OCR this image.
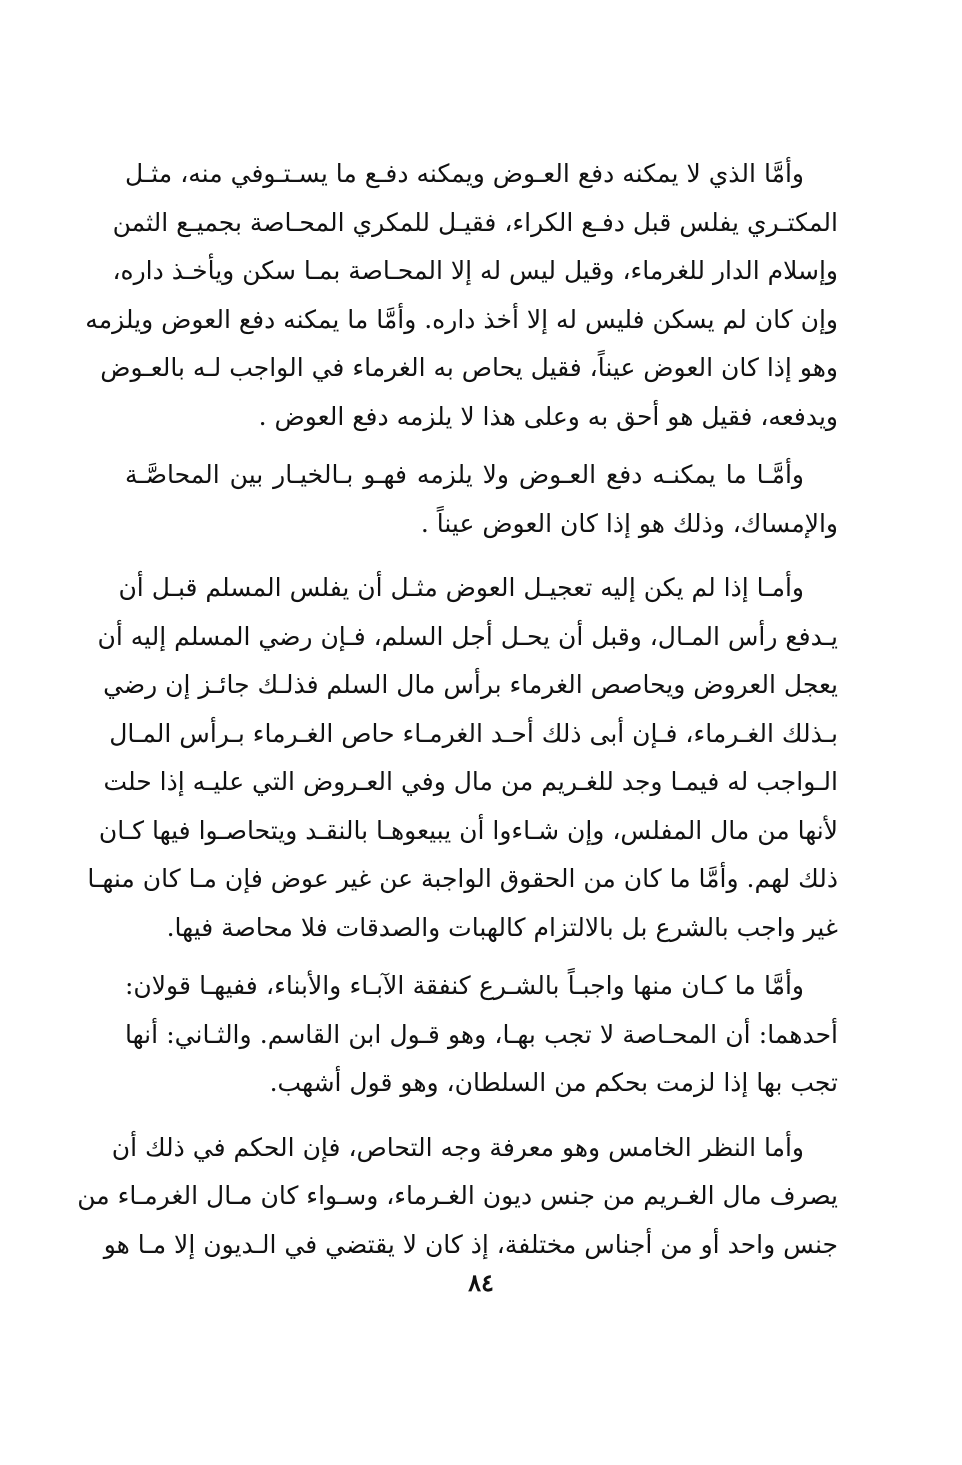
وأمَّا الذي لا يمكنه دفع العـوض ويمكنه دفـع ما يسـتـوفي منه، مثـل
المكتـري يفلس قبل دفـع الكراء، فقيـل للمكري المحـاصة بجميـع الثمن
وإسلام الدار للغرماء، وقيل ليس له إلا المحـاصة بمـا سكن ويأخـذ داره،
وإن كان لم يسكن فليس له إلا أخذ داره. وأمَّا ما يمكنه دفع العوض ويلزمه
وهو إذا كان العوض عيناً، فقيل يحاص به الغرماء في الواجب لـه بالعـوض
ويدفعه، فقيل هو أحق به وعلى هذا لا يلزمه دفع العوض .

وأمَّـا ما يمكنـه دفع العـوض ولا يلزمه فهـو بـالخيـار بين المحاصَّـة
والإمساك، وذلك هو إذا كان العوض عيناً .

وأمـا إذا لم يكن إليه تعجيـل العوض مثـل أن يفلس المسلم قبـل أن
يـدفع رأس المـال، وقبل أن يحـل أجل السلم، فـإن رضي المسلم إليه أن
يعجل العروض ويحاصص الغرماء برأس مال السلم فذلـك جائـز إن رضي
بـذلك الغـرماء، فـإن أبى ذلك أحـد الغرمـاء حاص الغـرماء بـرأس المـال
الـواجب له فيمـا وجد للغـريم من مال وفي العـروض التي عليـه إذا حلت
لأنها من مال المفلس، وإن شـاءوا أن يبيعوهـا بالنقـد ويتحاصـوا فيها كـان
ذلك لهم. وأمَّا ما كان من الحقوق الواجبة عن غير عوض فإن مـا كان منهـا
غير واجب بالشرع بل بالالتزام كالهبات والصدقات فلا محاصة فيها.

وأمَّا ما كـان منها واجبـاً بالشـرع كنفقة الآبـاء والأبناء، ففيهـا قولان:
أحدهما: أن المحـاصة لا تجب بهـا، وهو قـول ابن القاسم. والثـاني: أنها
تجب بها إذا لزمت بحكم من السلطان، وهو قول أشهب.

وأما النظر الخامس وهو معرفة وجه التحاص، فإن الحكم في ذلك أن
يصرف مال الغـريم من جنس ديون الغـرماء، وسـواء كان مـال الغرمـاء من
جنس واحد أو من أجناس مختلفة، إذ كان لا يقتضي في الـديون إلا مـا هو

٨٤
